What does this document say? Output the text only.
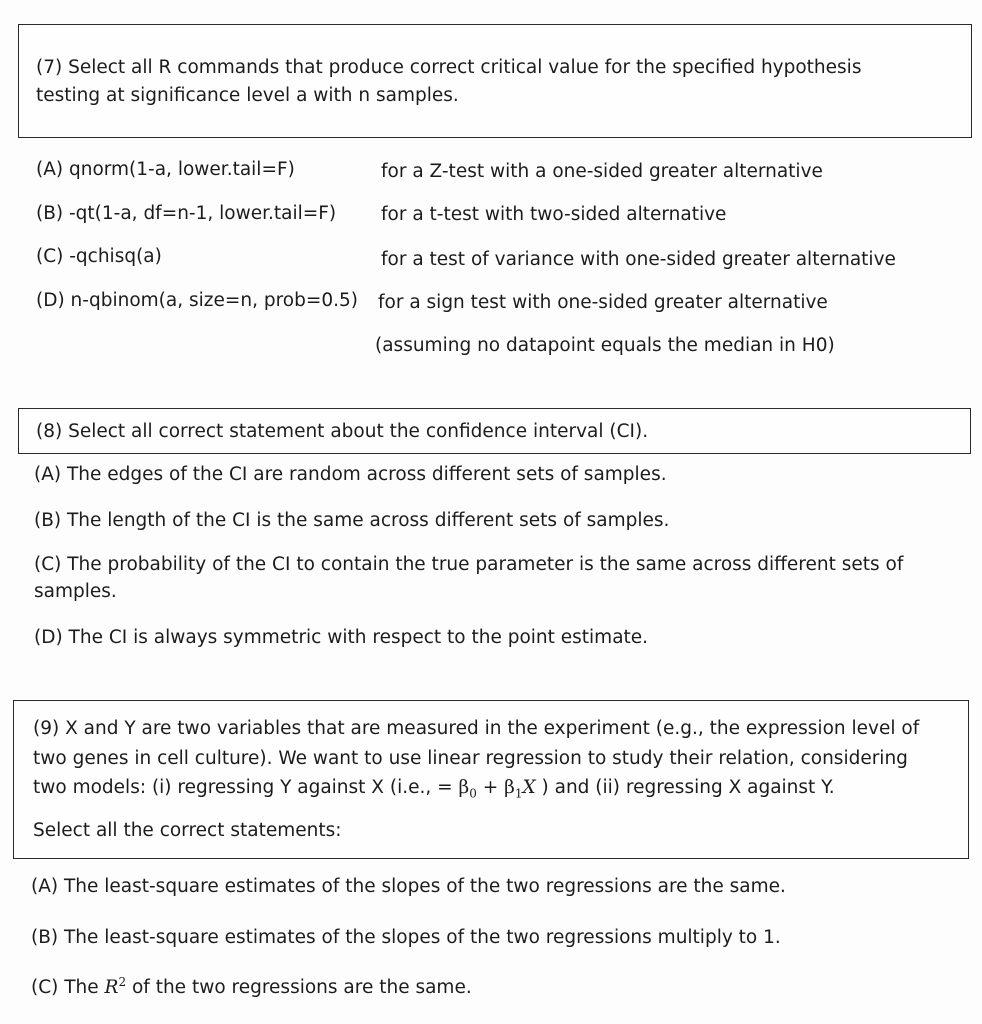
(7) Select all R commands that produce correct critical value for the specified hypothesis

testing at significance level a with n samples.

(A) qnorm(1-a, lower.tail=F)	for a Z-test with a one-sided greater alternative

(B) -qt(1-a, df=n-1, lower.tail=F) for a t-test with two-sided alternative

(C) -qchisq(a)	for a test of variance with one-sided greater alternative

(D) n-qbinom(a, size=n, prob=0.5) for a sign test with one-sided greater alternative

(assuming no datapoint equals the median in H0)

(8) Select all correct statement about the confidence interval (CI).

(A) The edges of the CI are random across different sets of samples.

(B) The length of the CI is the same across different sets of samples.

(C) The probability of the CI to contain the true parameter is the same across different sets of

samples.

(D) The CI is always symmetric with respect to the point estimate.

(9) X and Y are two variables that are measured in the experiment (e.g., the expression level of

two genes in cell culture). We want to use linear regression to study their relation, considering

two models: (i) regressing Y against X (i.e., = $\beta_0 + \beta_1X$ ) and (ii) regressing X against Y.

Select all the correct statements:

(A) The least-square estimates of the slopes of the two regressions are the same.

(B) The least-square estimates of the slopes of the two regressions multiply to 1.

(C) The $R^2$ of the two regressions are the same.
